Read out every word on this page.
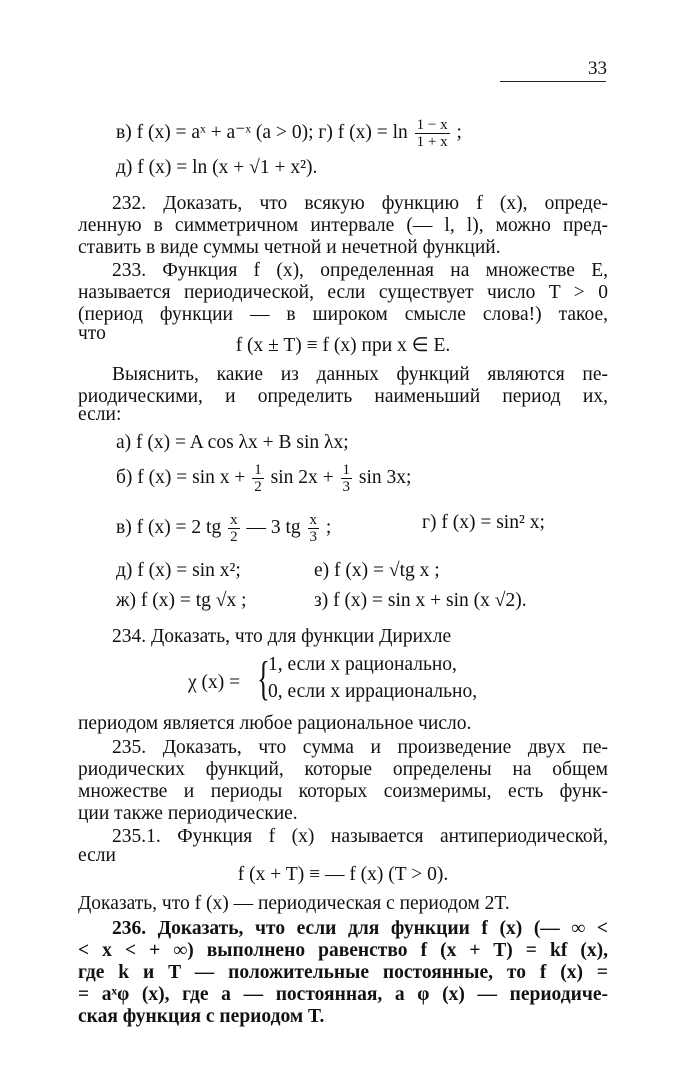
33
в) f (x) = aˣ + a⁻ˣ (a > 0); г) f $(x) = \ln \frac{1 - x}{1 + x}$ ;
д) f (x) = ln (x + √1 + x²).
232. Доказать, что всякую функцию f (x), опреде-
ленную в симметричном интервале (— l, l), можно пред-
ставить в виде суммы четной и нечетной функций.
233. Функция f (x), определенная на множестве E,
называется периодической, если существует число T > 0
(период функции — в широком смысле слова!) такое,
что
f (x ± T) ≡ f (x) при x ∈ E.
Выяснить, какие из данных функций являются пе-
риодическими, и определить наименьший период их,
если:
а) f (x) = A cos λx + B sin λx;
б) f $(x) = \sin x + \frac{1}{2}$ $\sin 2x + \frac{1}{3}$ sin 3x;
в) f (x) = 2 tg $\frac{x}{2}$ — 3 tg $\frac{x}{3}$ ;	г) f (x) = sin² x;
д) f (x) = sin x²;	е) f (x) = √tg x ;
ж) f (x) = tg √x ;	з) f (x) = sin x + sin (x √2).
234. Доказать, что для функции Дирихле
χ (x) = {
1, если x рационально,
0, если x иррационально,
периодом является любое рациональное число.
235. Доказать, что сумма и произведение двух пе-
риодических функций, которые определены на общем
множестве и периоды которых соизмеримы, есть функ-
ции также периодические.
235.1. Функция f (x) называется антипериодической,
если
f (x + T) ≡ — f (x) (T > 0).
Доказать, что f (x) — периодическая с периодом 2T.
236. Доказать, что если для функции f (x) (— ∞ <
< x < + ∞) выполнено равенство f (x + T) = kf (x),
где k и T — положительные постоянные, то f (x) =
= aˣφ (x), где a — постоянная, а φ (x) — периодиче-
ская функция с периодом T.
